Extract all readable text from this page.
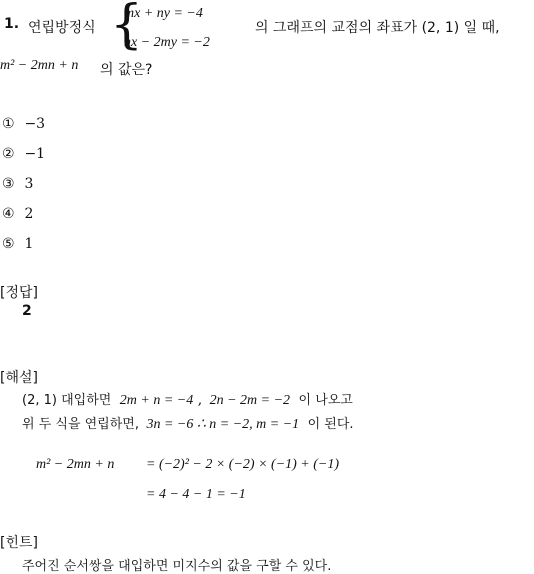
1. 연립방정식 {
mx + ny = −4
nx − 2my = −2
의 그래프의 교점의 좌표가 (2, 1) 일 때,
m² − 2mn + n 의 값은?
① −3
② −1
③ 3
④ 2
⑤ 1
[정답]
2
[해설]
(2, 1) 대입하면 2m + n = −4 , 2n − 2m = −2 이 나오고
위 두 식을 연립하면, 3n = −6 ∴ n = −2, m = −1 이 된다.
m² − 2mn + n = (−2)² − 2 × (−2) × (−1) + (−1)
= 4 − 4 − 1 = −1
[힌트]
주어진 순서쌍을 대입하면 미지수의 값을 구할 수 있다.
